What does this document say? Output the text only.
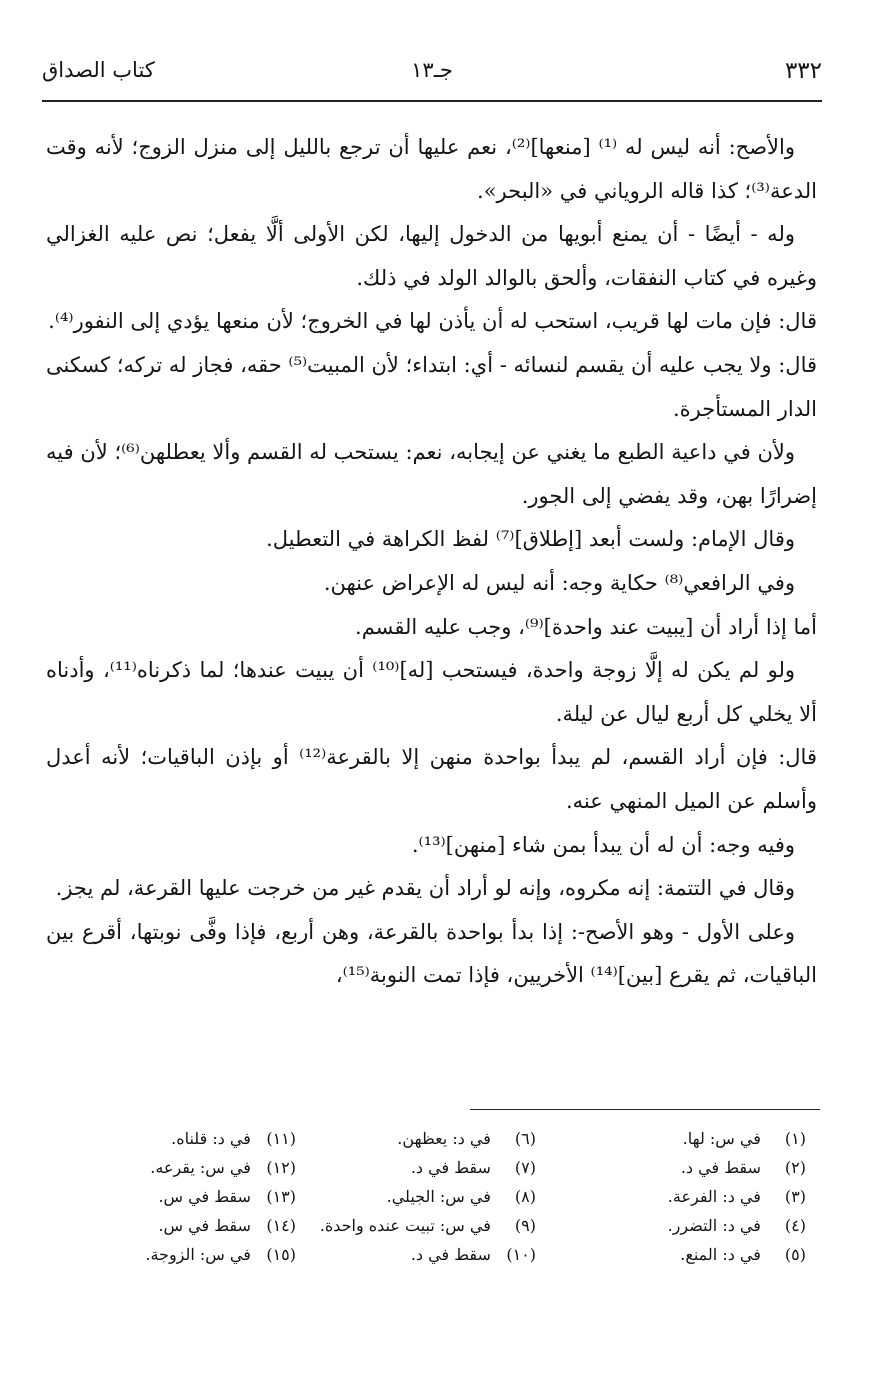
٣٣٢
جـ١٣
كتاب الصداق

والأصح: أنه ليس له ⁽¹⁾ [منعها]⁽²⁾، نعم عليها أن ترجع بالليل إلى منزل الزوج؛ لأنه وقت الدعة⁽³⁾؛ كذا قاله الروياني في «البحر».

وله - أيضًا - أن يمنع أبويها من الدخول إليها، لكن الأولى ألَّا يفعل؛ نص عليه الغزالي وغيره في كتاب النفقات، وألحق بالوالد الولد في ذلك.

قال: فإن مات لها قريب، استحب له أن يأذن لها في الخروج؛ لأن منعها يؤدي إلى النفور⁽⁴⁾.

قال: ولا يجب عليه أن يقسم لنسائه - أي: ابتداء؛ لأن المبيت⁽⁵⁾ حقه، فجاز له تركه؛ كسكنى الدار المستأجرة.

ولأن في داعية الطبع ما يغني عن إيجابه، نعم: يستحب له القسم وألا يعطلهن⁽⁶⁾؛ لأن فيه إضرارًا بهن، وقد يفضي إلى الجور.

وقال الإمام: ولست أبعد [إطلاق]⁽⁷⁾ لفظ الكراهة في التعطيل.

وفي الرافعي⁽⁸⁾ حكاية وجه: أنه ليس له الإعراض عنهن.

أما إذا أراد أن [يبيت عند واحدة]⁽⁹⁾، وجب عليه القسم.

ولو لم يكن له إلَّا زوجة واحدة، فيستحب [له]⁽¹⁰⁾ أن يبيت عندها؛ لما ذكرناه⁽¹¹⁾، وأدناه ألا يخلي كل أربع ليال عن ليلة.

قال: فإن أراد القسم، لم يبدأ بواحدة منهن إلا بالقرعة⁽¹²⁾ أو بإذن الباقيات؛ لأنه أعدل وأسلم عن الميل المنهي عنه.

وفيه وجه: أن له أن يبدأ بمن شاء [منهن]⁽¹³⁾.

وقال في التتمة: إنه مكروه، وإنه لو أراد أن يقدم غير من خرجت عليها القرعة، لم يجز.

وعلى الأول - وهو الأصح-: إذا بدأ بواحدة بالقرعة، وهن أربع، فإذا وفَّى نوبتها، أقرع بين الباقيات، ثم يقرع [بين]⁽¹⁴⁾ الأخريين، فإذا تمت النوبة⁽¹⁵⁾،

(١) في س: لها.
(٢) سقط في د.
(٣) في د: الفرعة.
(٤) في د: التضرر.
(٥) في د: المنع.
(٦) في د: يعظهن.
(٧) سقط في د.
(٨) في س: الجيلي.
(٩) في س: تبيت عنده واحدة.
(١٠) سقط في د.
(١١) في د: قلناه.
(١٢) في س: يقرعه.
(١٣) سقط في س.
(١٤) سقط في س.
(١٥) في س: الزوجة.
